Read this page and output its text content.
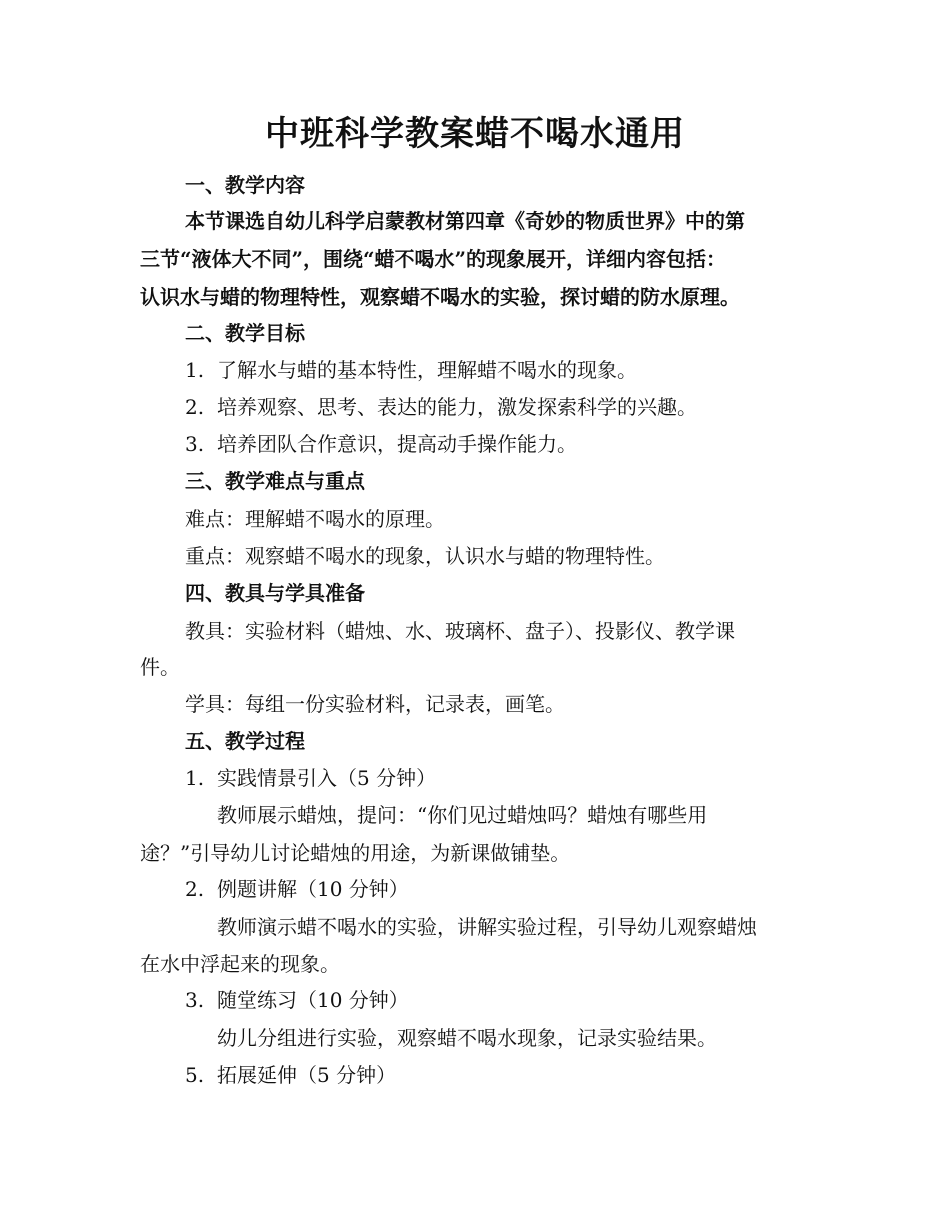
中班科学教案蜡不喝水通用

一、教学内容

本节课选自幼儿科学启蒙教材第四章《奇妙的物质世界》中的第

三节“液体大不同”，围绕“蜡不喝水”的现象展开，详细内容包括：

认识水与蜡的物理特性，观察蜡不喝水的实验，探讨蜡的防水原理。

二、教学目标

1. 了解水与蜡的基本特性，理解蜡不喝水的现象。

2. 培养观察、思考、表达的能力，激发探索科学的兴趣。

3. 培养团队合作意识，提高动手操作能力。

三、教学难点与重点

难点：理解蜡不喝水的原理。

重点：观察蜡不喝水的现象，认识水与蜡的物理特性。

四、教具与学具准备

教具：实验材料（蜡烛、水、玻璃杯、盘子）、投影仪、教学课

件。

学具：每组一份实验材料，记录表，画笔。

五、教学过程

1. 实践情景引入（5 分钟）

教师展示蜡烛，提问：“你们见过蜡烛吗？蜡烛有哪些用

途？”引导幼儿讨论蜡烛的用途，为新课做铺垫。

2. 例题讲解（10 分钟）

教师演示蜡不喝水的实验，讲解实验过程，引导幼儿观察蜡烛

在水中浮起来的现象。

3. 随堂练习（10 分钟）

幼儿分组进行实验，观察蜡不喝水现象，记录实验结果。

5. 拓展延伸（5 分钟）
